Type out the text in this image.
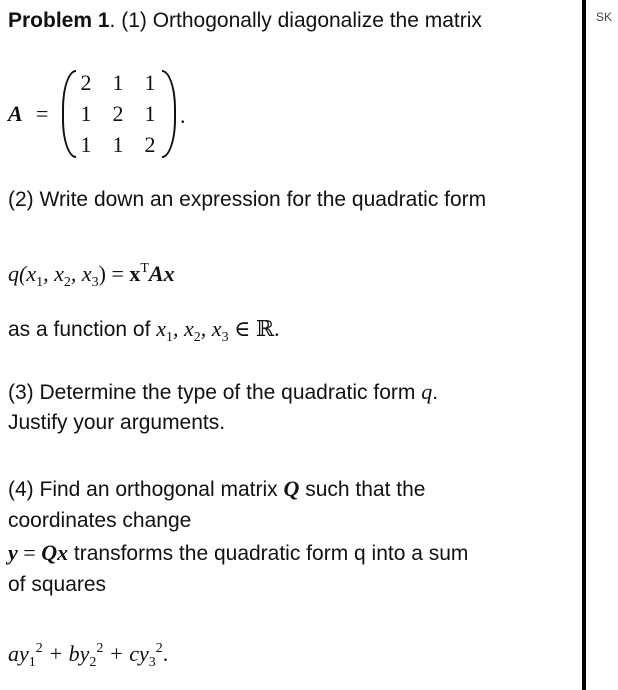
SK
Problem 1. (1) Orthogonally diagonalize the matrix
A =
2 1 1
1 2 1
1 1 2
.
(2) Write down an expression for the quadratic form
$q(x_1$, $x_2$, $x_3) = x^TAx$
as a function of $x_1$, $x_2$, $x_3$ ∈ ℝ.
(3) Determine the type of the quadratic form q.
Justify your arguments.
(4) Find an orthogonal matrix Q such that the
coordinates change
y = Qx transforms the quadratic form q into a sum
of squares
$ay_1^2 + by_2^2 + cy_3^2$.
